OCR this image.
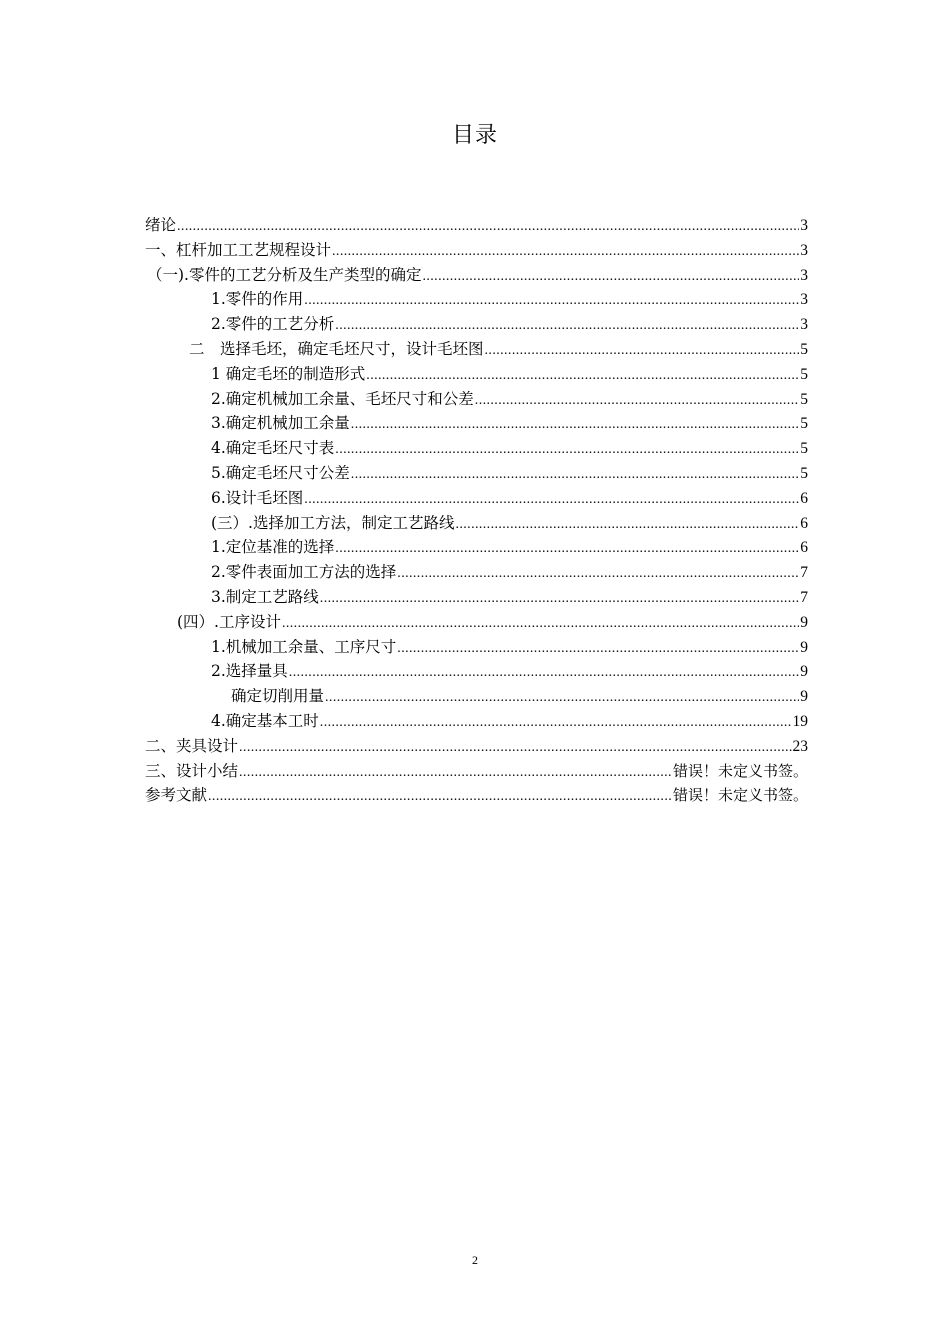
目录
绪论 .....	3
一、杠杆加工工艺规程设计 .....	3
（一).零件的工艺分析及生产类型的确定 .....	3
1.零件的作用 .....	3
2.零件的工艺分析 .....	3
二　选择毛坯，确定毛坯尺寸，设计毛坯图 .....	5
1 确定毛坯的制造形式 .....	5
2.确定机械加工余量、毛坯尺寸和公差 .....	5
3.确定机械加工余量 .....	5
4.确定毛坯尺寸表 .....	5
5.确定毛坯尺寸公差 .....	5
6.设计毛坯图 .....	6
(三）.选择加工方法，制定工艺路线 .....	6
1.定位基准的选择 .....	6
2.零件表面加工方法的选择 .....	7
3.制定工艺路线 .....	7
(四）.工序设计 .....	9
1.机械加工余量、工序尺寸 .....	9
2.选择量具 .....	9
确定切削用量 .....	9
4.确定基本工时 .....	19
二、夹具设计 .....	23
三、设计小结 .....	错误！未定义书签。
参考文献 .....	错误！未定义书签。
2
